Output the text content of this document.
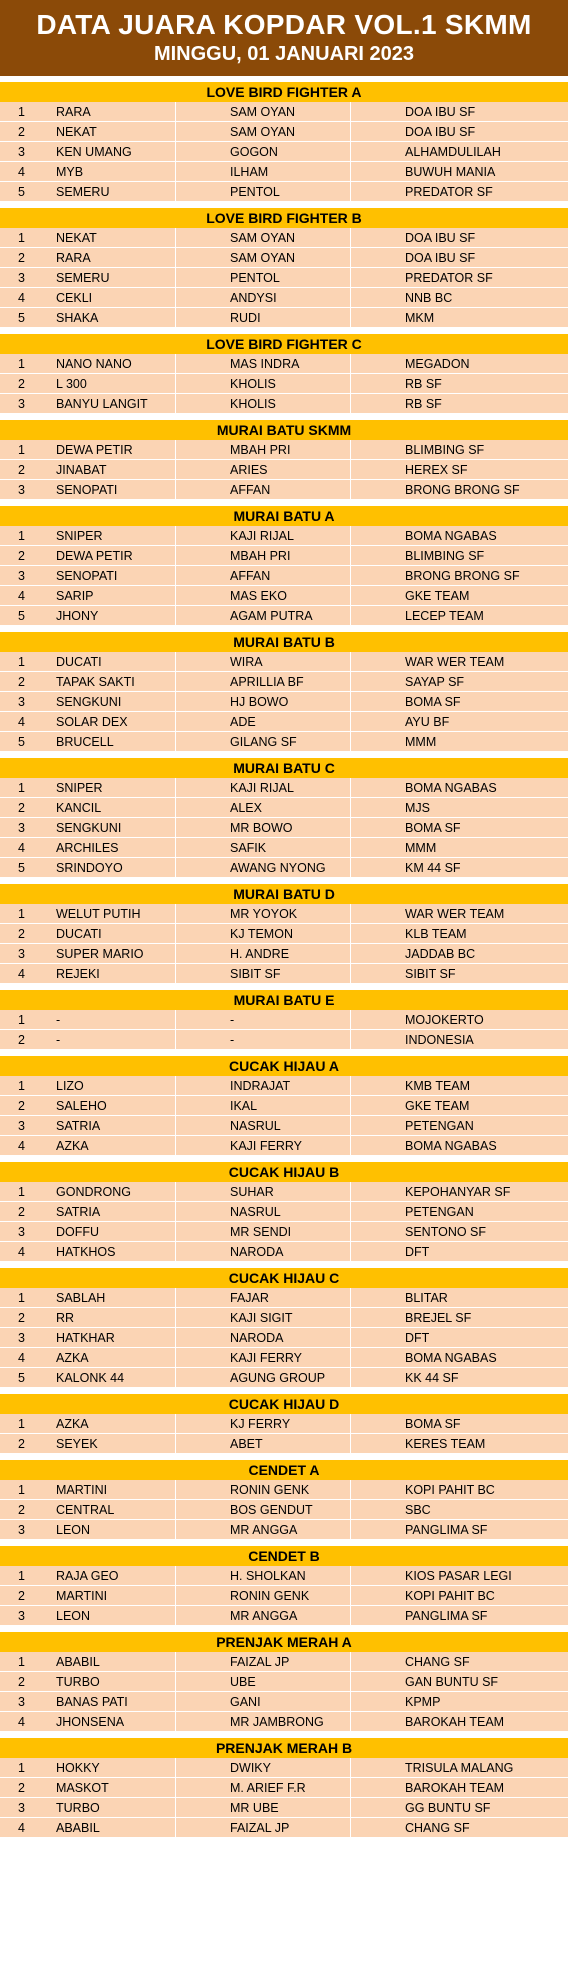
DATA JUARA KOPDAR VOL.1 SKMM
MINGGU, 01 JANUARI 2023
LOVE BIRD FIGHTER A
1	RARA	SAM OYAN	DOA IBU SF
2	NEKAT	SAM OYAN	DOA IBU SF
3	KEN UMANG	GOGON	ALHAMDULILAH
4	MYB	ILHAM	BUWUH MANIA
5	SEMERU	PENTOL	PREDATOR SF
LOVE BIRD FIGHTER B
1	NEKAT	SAM OYAN	DOA IBU SF
2	RARA	SAM OYAN	DOA IBU SF
3	SEMERU	PENTOL	PREDATOR SF
4	CEKLI	ANDYSI	NNB BC
5	SHAKA	RUDI	MKM
LOVE BIRD FIGHTER C
1	NANO NANO	MAS INDRA	MEGADON
2	L 300	KHOLIS	RB SF
3	BANYU LANGIT	KHOLIS	RB SF
MURAI BATU SKMM
1	DEWA PETIR	MBAH PRI	BLIMBING SF
2	JINABAT	ARIES	HEREX SF
3	SENOPATI	AFFAN	BRONG BRONG SF
MURAI BATU A
1	SNIPER	KAJI RIJAL	BOMA NGABAS
2	DEWA PETIR	MBAH PRI	BLIMBING SF
3	SENOPATI	AFFAN	BRONG BRONG SF
4	SARIP	MAS EKO	GKE TEAM
5	JHONY	AGAM PUTRA	LECEP TEAM
MURAI BATU B
1	DUCATI	WIRA	WAR WER TEAM
2	TAPAK SAKTI	APRILLIA BF	SAYAP SF
3	SENGKUNI	HJ BOWO	BOMA SF
4	SOLAR DEX	ADE	AYU BF
5	BRUCELL	GILANG SF	MMM
MURAI BATU C
1	SNIPER	KAJI RIJAL	BOMA NGABAS
2	KANCIL	ALEX	MJS
3	SENGKUNI	MR BOWO	BOMA SF
4	ARCHILES	SAFIK	MMM
5	SRINDOYO	AWANG NYONG	KM 44 SF
MURAI BATU D
1	WELUT PUTIH	MR YOYOK	WAR WER TEAM
2	DUCATI	KJ TEMON	KLB TEAM
3	SUPER MARIO	H. ANDRE	JADDAB BC
4	REJEKI	SIBIT SF	SIBIT SF
MURAI BATU E
1	-	-	MOJOKERTO
2	-	-	INDONESIA
CUCAK HIJAU A
1	LIZO	INDRAJAT	KMB TEAM
2	SALEHO	IKAL	GKE TEAM
3	SATRIA	NASRUL	PETENGAN
4	AZKA	KAJI FERRY	BOMA NGABAS
CUCAK HIJAU B
1	GONDRONG	SUHAR	KEPOHANYAR SF
2	SATRIA	NASRUL	PETENGAN
3	DOFFU	MR SENDI	SENTONO SF
4	HATKHOS	NARODA	DFT
CUCAK HIJAU C
1	SABLAH	FAJAR	BLITAR
2	RR	KAJI SIGIT	BREJEL SF
3	HATKHAR	NARODA	DFT
4	AZKA	KAJI FERRY	BOMA NGABAS
5	KALONK 44	AGUNG GROUP	KK 44 SF
CUCAK HIJAU D
1	AZKA	KJ FERRY	BOMA SF
2	SEYEK	ABET	KERES TEAM
CENDET A
1	MARTINI	RONIN GENK	KOPI PAHIT BC
2	CENTRAL	BOS GENDUT	SBC
3	LEON	MR ANGGA	PANGLIMA SF
CENDET B
1	RAJA GEO	H. SHOLKAN	KIOS PASAR LEGI
2	MARTINI	RONIN GENK	KOPI PAHIT BC
3	LEON	MR ANGGA	PANGLIMA SF
PRENJAK MERAH A
1	ABABIL	FAIZAL JP	CHANG SF
2	TURBO	UBE	GAN BUNTU SF
3	BANAS PATI	GANI	KPMP
4	JHONSENA	MR JAMBRONG	BAROKAH TEAM
PRENJAK MERAH B
1	HOKKY	DWIKY	TRISULA MALANG
2	MASKOT	M. ARIEF F.R	BAROKAH TEAM
3	TURBO	MR UBE	GG BUNTU SF
4	ABABIL	FAIZAL JP	CHANG SF
